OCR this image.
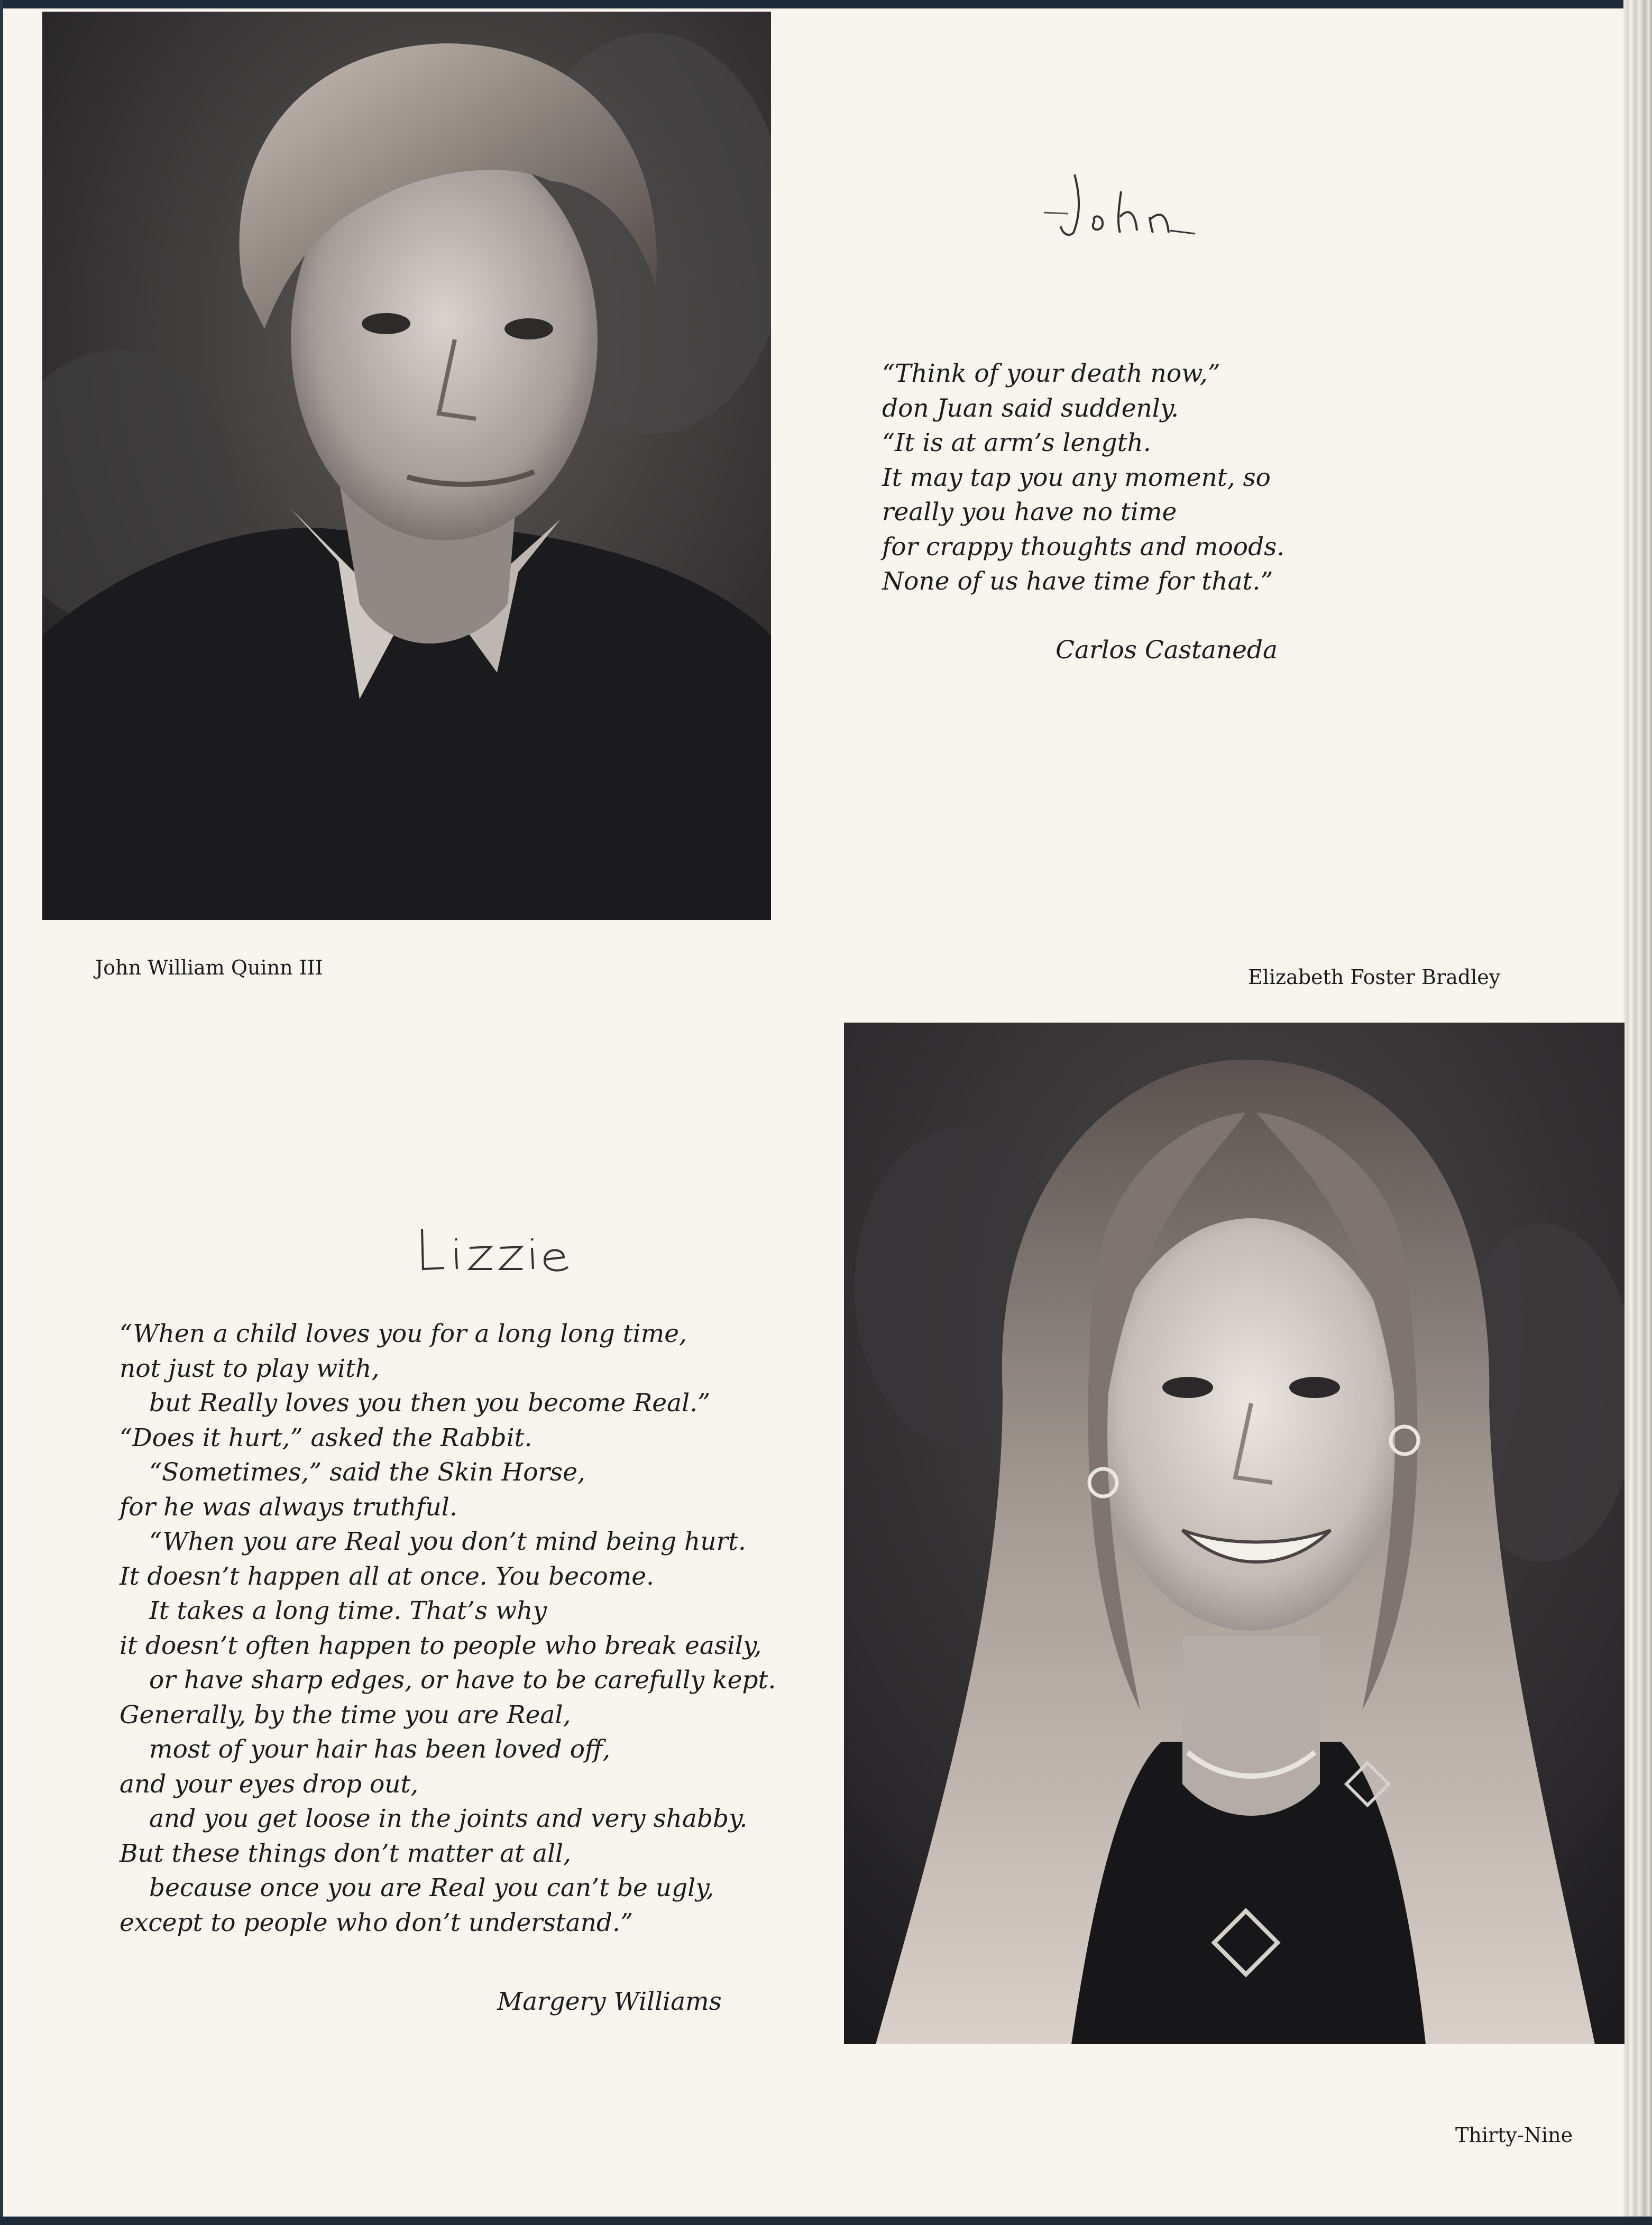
“Think of your death now,”
don Juan said suddenly.
“It is at arm’s length.
It may tap you any moment, so
really you have no time
for crappy thoughts and moods.
None of us have time for that.”
Carlos Castaneda
John William Quinn III	Elizabeth Foster Bradley
“When a child loves you for a long long time,
not just to play with,
but Really loves you then you become Real.”
“Does it hurt,” asked the Rabbit.
“Sometimes,” said the Skin Horse,
for he was always truthful.
“When you are Real you don’t mind being hurt.
It doesn’t happen all at once. You become.
It takes a long time. That’s why
it doesn’t often happen to people who break easily,
or have sharp edges, or have to be carefully kept.
Generally, by the time you are Real,
most of your hair has been loved off,
and your eyes drop out,
and you get loose in the joints and very shabby.
But these things don’t matter at all,
because once you are Real you can’t be ugly,
except to people who don’t understand.”
Margery Williams
Thirty-Nine
